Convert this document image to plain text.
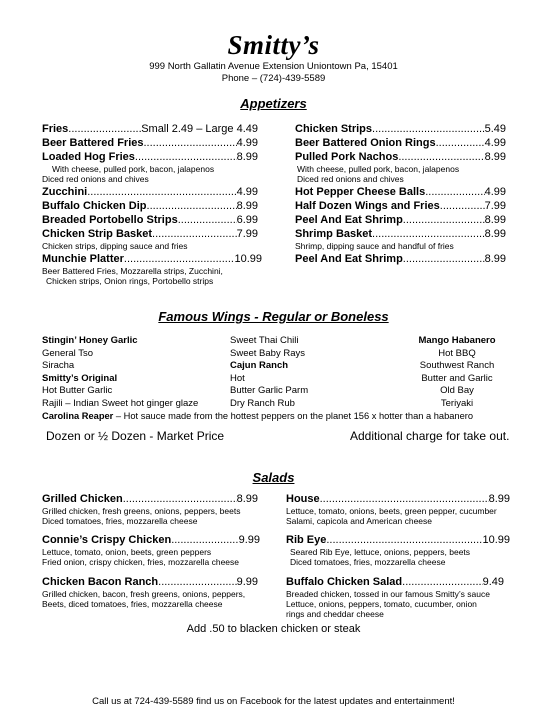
Smitty’s
999 North Gallatin Avenue Extension Uniontown Pa, 15401
Phone – (724)-439-5589
Appetizers
Fries .....	Small 2.49 – Large 4.49
Beer Battered Fries .....	4.99
Loaded Hog Fries .....	8.99
With cheese, pulled pork, bacon, jalapenos
Diced red onions and chives
Zucchini .....	4.99
Buffalo Chicken Dip .....	8.99
Breaded Portobello Strips .....	6.99
Chicken Strip Basket .....	7.99
Chicken strips, dipping sauce and fries
Munchie Platter .....	10.99
Beer Battered Fries, Mozzarella strips, Zucchini,
Chicken strips, Onion rings, Portobello strips
Chicken Strips .....	5.49
Beer Battered Onion Rings .....	4.99
Pulled Pork Nachos .....	8.99
With cheese, pulled pork, bacon, jalapenos
Diced red onions and chives
Hot Pepper Cheese Balls .....	4.99
Half Dozen Wings and Fries .....	7.99
Peel And Eat Shrimp .....	8.99
Shrimp Basket .....	8.99
Shrimp, dipping sauce and handful of fries
Peel And Eat Shrimp .....	8.99
Famous Wings - Regular or Boneless
Stingin’ Honey Garlic
General Tso
Siracha
Smitty’s Original
Hot Butter Garlic
Rajili – Indian Sweet hot ginger glaze
Sweet Thai Chili
Sweet Baby Rays
Cajun Ranch
Hot
Butter Garlic Parm
Dry Ranch Rub
Mango Habanero
Hot BBQ
Southwest Ranch
Butter and Garlic
Old Bay
Teriyaki
Carolina Reaper – Hot sauce made from the hottest peppers on the planet 156 x hotter than a habanero
Dozen or ½ Dozen - Market Price	Additional charge for take out.
Salads
Grilled Chicken .....	8.99
Grilled chicken, fresh greens, onions, peppers, beets
Diced tomatoes, fries, mozzarella cheese
Connie’s Crispy Chicken .....	9.99
Lettuce, tomato, onion, beets, green peppers
Fried onion, crispy chicken, fries, mozzarella cheese
Chicken Bacon Ranch .....	9.99
Grilled chicken, bacon, fresh greens, onions, peppers,
Beets, diced tomatoes, fries, mozzarella cheese
House .....	8.99
Lettuce, tomato, onions, beets, green pepper, cucumber
Salami, capicola and American cheese
Rib Eye .....	10.99
Seared Rib Eye, lettuce, onions, peppers, beets
Diced tomatoes, fries, mozzarella cheese
Buffalo Chicken Salad .....	9.49
Breaded chicken, tossed in our famous Smitty’s sauce
Lettuce, onions, peppers, tomato, cucumber, onion
rings and cheddar cheese
Add .50 to blacken chicken or steak
Call us at 724-439-5589 find us on Facebook for the latest updates and entertainment!
